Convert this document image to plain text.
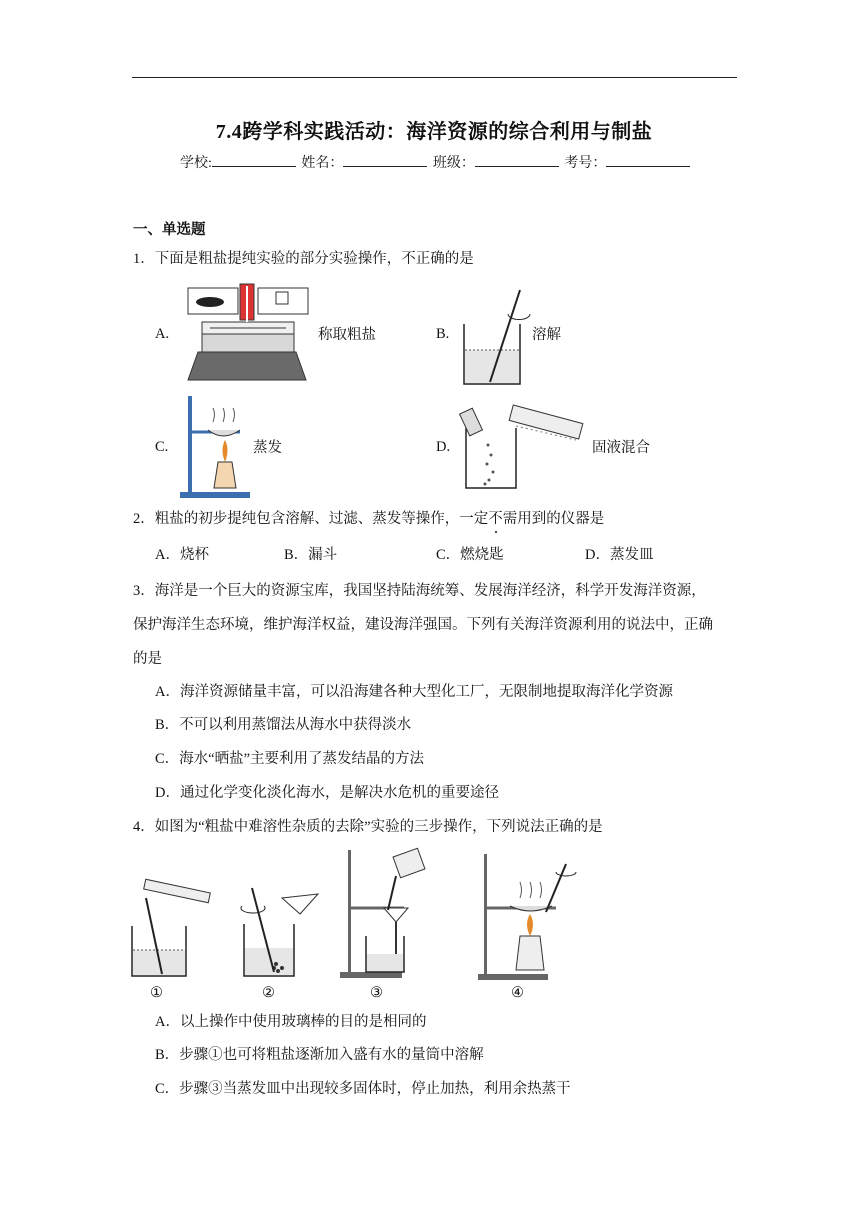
7.4跨学科实践活动：海洋资源的综合利用与制盐
学校:	姓名：	班级：	考号：
一、单选题
1．下面是粗盐提纯实验的部分实验操作，不正确的是
A.	称取粗盐	B.	溶解
C.	蒸发	D.	固液混合
2．粗盐的初步提纯包含溶解、过滤、蒸发等操作，一定不需用到的仪器是
A．烧杯	B．漏斗	C．燃烧匙	D．蒸发皿
3．海洋是一个巨大的资源宝库，我国坚持陆海统筹、发展海洋经济，科学开发海洋资源，
保护海洋生态环境，维护海洋权益，建设海洋强国。下列有关海洋资源利用的说法中，正确
的是
A．海洋资源储量丰富，可以沿海建各种大型化工厂，无限制地提取海洋化学资源
B．不可以利用蒸馏法从海水中获得淡水
C．海水“晒盐”主要利用了蒸发结晶的方法
D．通过化学变化淡化海水，是解决水危机的重要途径
4．如图为“粗盐中难溶性杂质的去除”实验的三步操作，下列说法正确的是
①	②	③	④
A．以上操作中使用玻璃棒的目的是相同的
B．步骤①也可将粗盐逐渐加入盛有水的量筒中溶解
C．步骤③当蒸发皿中出现较多固体时，停止加热，利用余热蒸干
